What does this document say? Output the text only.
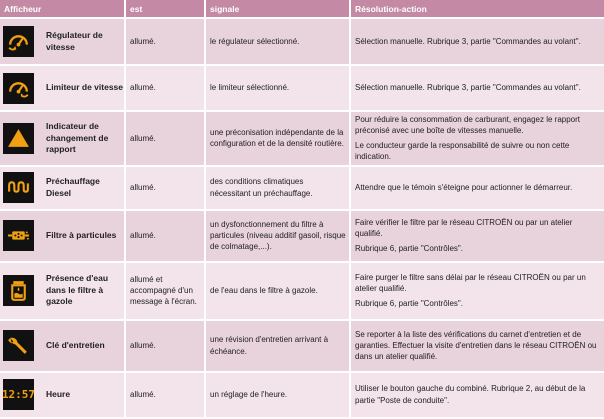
Afficheur	est	signale	Résolution-action

Régulateur de vitesse	allumé.	le régulateur sélectionné.	Sélection manuelle. Rubrique 3, partie "Commandes au volant".

Limiteur de vitesse	allumé.	le limiteur sélectionné.	Sélection manuelle. Rubrique 3, partie "Commandes au volant".

Indicateur de changement de rapport	allumé.	une préconisation indépendante de la configuration et de la densité routière.	Pour réduire la consommation de carburant, engagez le rapport préconisé avec une boîte de vitesses manuelle.

Le conducteur garde la responsabilité de suivre ou non cette indication.

Préchauffage Diesel	allumé.	des conditions climatiques nécessitant un préchauffage.	Attendre que le témoin s'éteigne pour actionner le démarreur.

Filtre à particules	allumé.	un dysfonctionnement du filtre à particules (niveau additif gasoil, risque de colmatage,...).	Faire vérifier le filtre par le réseau CITROËN ou par un atelier qualifié.

Rubrique 6, partie "Contrôles".

Présence d'eau dans le filtre à gazole	allumé et accompagné d'un message à l'écran.	de l'eau dans le filtre à gazole.	Faire purger le filtre sans délai par le réseau CITROËN ou par un atelier qualifié.

Rubrique 6, partie "Contrôles".

Clé d'entretien	allumé.	une révision d'entretien arrivant à échéance.	Se reporter à la liste des vérifications du carnet d'entretien et de garanties. Effectuer la visite d'entretien dans le réseau CITROËN ou dans un atelier qualifié.

12:57 Heure	allumé.	un réglage de l'heure.	Utiliser le bouton gauche du combiné. Rubrique 2, au début de la partie "Poste de conduite".
